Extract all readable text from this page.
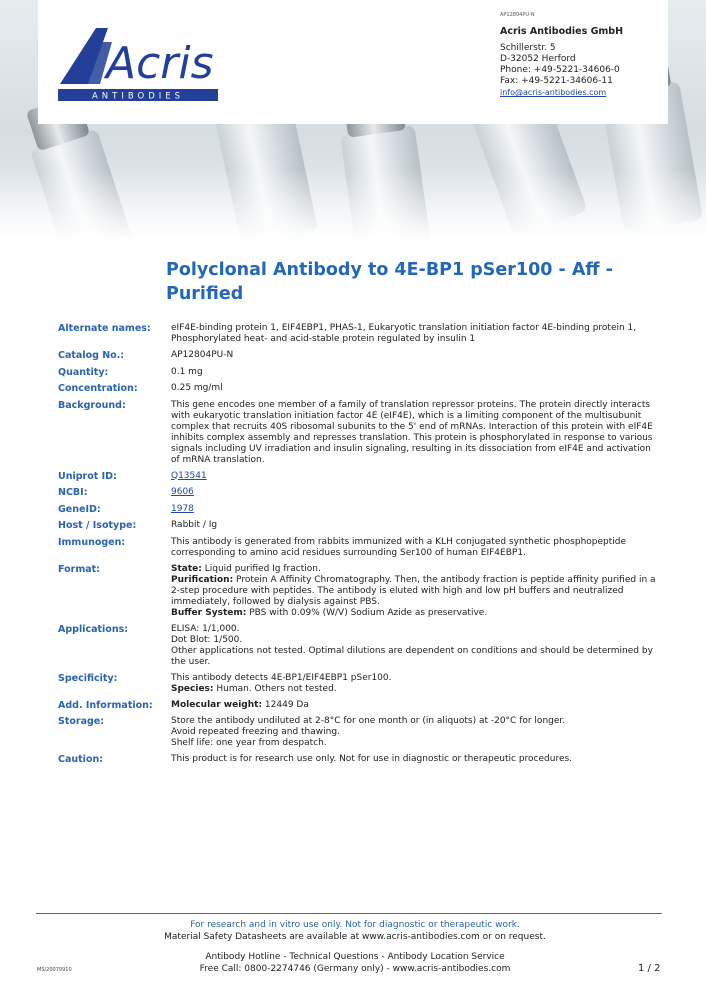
Acris
ANTIBODIES
AP12804PU-N
Acris Antibodies GmbH
Schillerstr. 5
D-32052 Herford
Phone: +49-5221-34606-0
Fax: +49-5221-34606-11
info@acris-antibodies.com
Polyclonal Antibody to 4E-BP1 pSer100 - Aff - Purified
Alternate names:	eIF4E-binding protein 1, EIF4EBP1, PHAS-1, Eukaryotic translation initiation factor 4E-binding protein 1, Phosphorylated heat- and acid-stable protein regulated by insulin 1
Catalog No.:	AP12804PU-N
Quantity:	0.1 mg
Concentration:	0.25 mg/ml
Background:	This gene encodes one member of a family of translation repressor proteins. The protein directly interacts with eukaryotic translation initiation factor 4E (eIF4E), which is a limiting component of the multisubunit complex that recruits 40S ribosomal subunits to the 5' end of mRNAs. Interaction of this protein with eIF4E inhibits complex assembly and represses translation. This protein is phosphorylated in response to various signals including UV irradiation and insulin signaling, resulting in its dissociation from eIF4E and activation of mRNA translation.
Uniprot ID:	Q13541
NCBI:	9606
GeneID:	1978
Host / Isotype:	Rabbit / Ig
Immunogen:	This antibody is generated from rabbits immunized with a KLH conjugated synthetic phosphopeptide corresponding to amino acid residues surrounding Ser100 of human EIF4EBP1.
Format:	State: Liquid purified Ig fraction.

Purification: Protein A Affinity Chromatography. Then, the antibody fraction is peptide affinity purified in a 2-step procedure with peptides. The antibody is eluted with high and low pH buffers and neutralized immediately, followed by dialysis against PBS.

Buffer System: PBS with 0.09% (W/V) Sodium Azide as preservative.

Applications:	ELISA: 1/1,000.

Dot Blot: 1/500.

Other applications not tested. Optimal dilutions are dependent on conditions and should be determined by the user.

Specificity:	This antibody detects 4E-BP1/EIF4EBP1 pSer100.

Species: Human. Others not tested.

Add. Information:	Molecular weight: 12449 Da

Storage:	Store the antibody undiluted at 2-8°C for one month or (in aliquots) at -20°C for longer.

Avoid repeated freezing and thawing.

Shelf life: one year from despatch.

Caution:	This product is for research use only. Not for use in diagnostic or therapeutic procedures.
For research and in vitro use only. Not for diagnostic or therapeutic work.
Material Safety Datasheets are available at www.acris-antibodies.com or on request.
Antibody Hotline - Technical Questions - Antibody Location Service
Free Call: 0800-2274746 (Germany only) - www.acris-antibodies.com
MS/20070910	1 / 2
